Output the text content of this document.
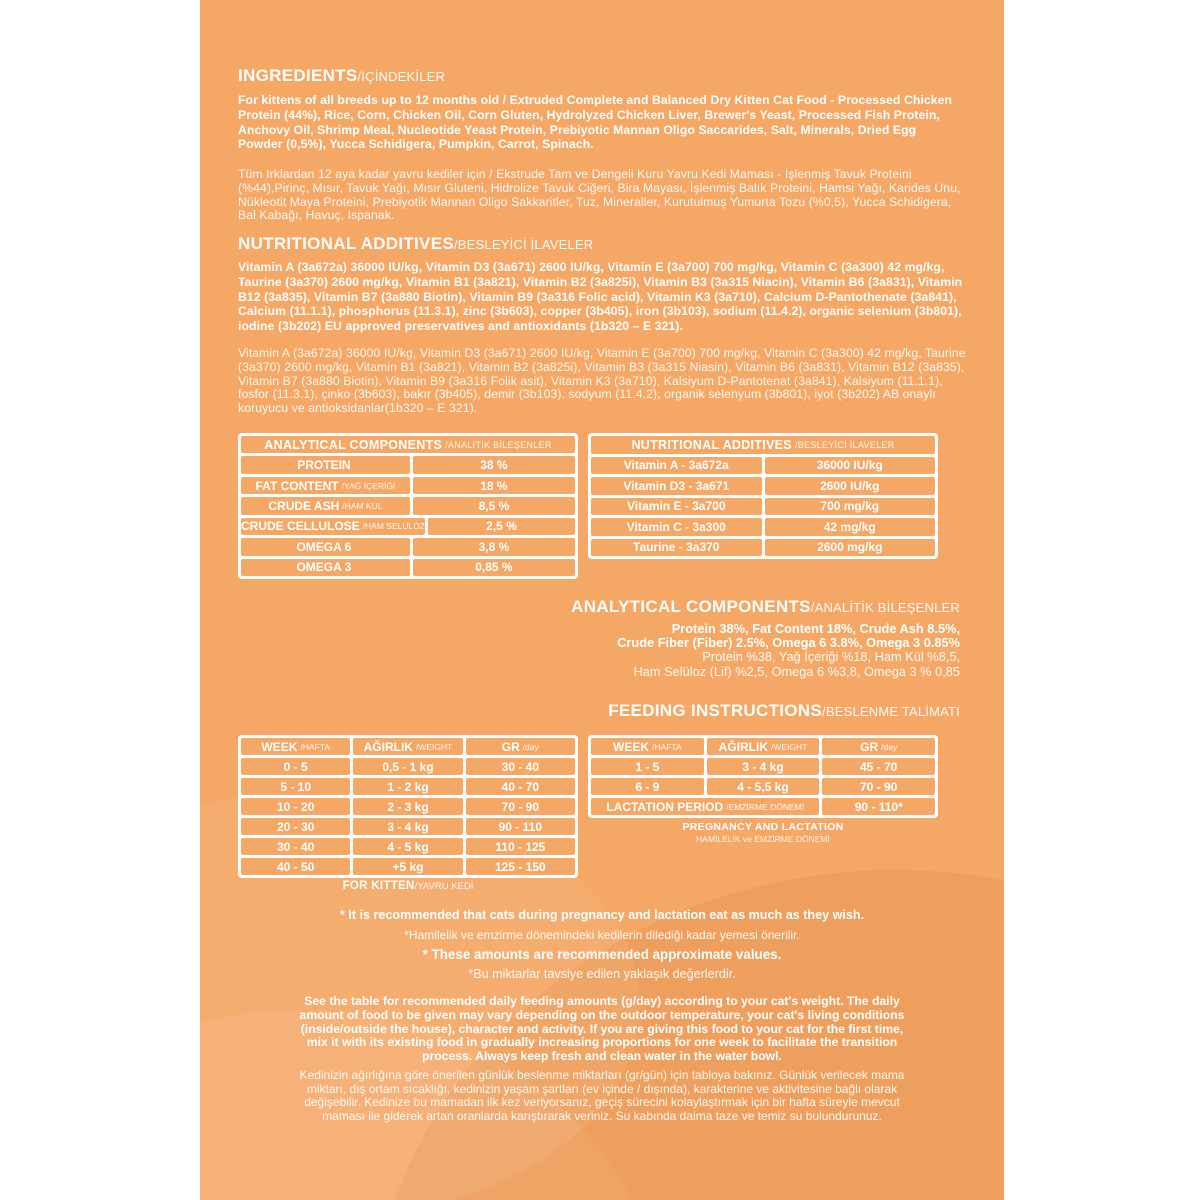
INGREDIENTS/İÇİNDEKİLER
For kittens of all breeds up to 12 months old / Extruded Complete and Balanced Dry Kitten Cat Food - Processed Chicken Protein (44%), Rice, Corn, Chicken Oil, Corn Gluten, Hydrolyzed Chicken Liver, Brewer's Yeast, Processed Fish Protein, Anchovy Oil, Shrimp Meal, Nucleotide Yeast Protein, Prebiyotic Mannan Oligo Saccarides, Salt, Minerals, Dried Egg Powder (0,5%), Yucca Schidigera, Pumpkin, Carrot, Spinach.
Tüm Irklardan 12 aya kadar yavru kediler için / Ekstrude Tam ve Dengeli Kuru Yavru Kedi Maması - İşlenmiş Tavuk Proteini (%44),Pirinç, Mısır, Tavuk Yağı, Mısır Gluteni, Hidrolize Tavuk Ciğeri, Bira Mayası, İşlenmiş Balık Proteini, Hamsi Yağı, Karides Unu, Nükleotit Maya Proteini, Prebiyotik Mannan Oligo Sakkaritler, Tuz, Mineraller, Kurutulmuş Yumurta Tozu (%0,5), Yucca Schidigera, Bal Kabağı, Havuç, Ispanak.
NUTRITIONAL ADDITIVES/BESLEYİCİ İLAVELER
Vitamin A (3a672a) 36000 IU/kg, Vitamin D3 (3a671) 2600 IU/kg, Vitamin E (3a700) 700 mg/kg, Vitamin C (3a300) 42 mg/kg, Taurine (3a370) 2600 mg/kg, Vitamin B1 (3a821), Vitamin B2 (3a825i), Vitamin B3 (3a315 Niacin), Vitamin B6 (3a831), Vitamin B12 (3a835), Vitamin B7 (3a880 Biotin), Vitamin B9 (3a316 Folic acid), Vitamin K3 (3a710), Calcium D-Pantothenate (3a841), Calcium (11.1.1), phosphorus (11.3.1), zinc (3b603), copper (3b405), iron (3b103), sodium (11.4.2), organic selenium (3b801), iodine (3b202) EU approved preservatives and antioxidants (1b320 – E 321).
Vitamin A (3a672a) 36000 IU/kg, Vitamin D3 (3a671) 2600 IU/kg, Vitamin E (3a700) 700 mg/kg, Vitamin C (3a300) 42 mg/kg, Taurine (3a370) 2600 mg/kg, Vitamin B1 (3a821), Vitamin B2 (3a825i), Vitamin B3 (3a315 Niasin), Vitamin B6 (3a831), Vitamin B12 (3a835), Vitamin B7 (3a880 Biotin), Vitamin B9 (3a316 Folik asit), Vitamin K3 (3a710), Kalsiyum D-Pantotenat (3a841), Kalsiyum (11.1.1), fosfor (11.3.1), çinko (3b603), bakır (3b405), demir (3b103), sodyum (11.4.2), organik selenyum (3b801), iyot (3b202) AB onaylı koruyucu ve antioksidanlar(1b320 – E 321).
ANALYTICAL COMPONENTS /ANALİTİK BİLEŞENLER
PROTEIN	38 %
FAT CONTENT /YAĞ İÇERİĞİ	18 %
CRUDE ASH /HAM KÜL	8,5 %
CRUDE CELLULOSE /HAM SELÜLOZ	2,5 %
OMEGA 6	3,8 %
OMEGA 3	0,85 %
NUTRITIONAL ADDITIVES /BESLEYİCİ İLAVELER
Vitamin A - 3a672a	36000 IU/kg
Vitamin D3 - 3a671	2600 IU/kg
Vitamin E - 3a700	700 mg/kg
Vitamin C - 3a300	42 mg/kg
Taurine - 3a370	2600 mg/kg
ANALYTICAL COMPONENTS/ANALİTİK BİLEŞENLER
Protein 38%, Fat Content 18%, Crude Ash 8.5%,
Crude Fiber (Fiber) 2.5%, Omega 6 3.8%, Omega 3 0.85%
Protein %38, Yağ İçeriği %18, Ham Kül %8,5,
Ham Selüloz (Lif) %2,5, Omega 6 %3,8, Omega 3 % 0,85
FEEDING INSTRUCTIONS/BESLENME TALİMATI
WEEK /HAFTA	AĞIRLIK /WEIGHT	GR /day
0 - 5	0,5 - 1 kg	30 - 40
5 - 10	1 - 2 kg	40 - 70
10 - 20	2 - 3 kg	70 - 90
20 - 30	3 - 4 kg	90 - 110
30 - 40	4 - 5 kg	110 - 125
40 - 50	+5 kg	125 - 150
FOR KITTEN/YAVRU KEDİ
WEEK /HAFTA	AĞIRLIK /WEIGHT	GR /day
1 - 5	3 - 4 kg	45 - 70
6 - 9	4 - 5,5 kg	70 - 90
LACTATION PERIOD /EMZİRME DÖNEMİ	90 - 110*
PREGNANCY AND LACTATION
HAMİLELİK ve EMZİRME DÖNEMİ
* It is recommended that cats during pregnancy and lactation eat as much as they wish.
*Hamilelik ve emzirme dönemindeki kedilerin dilediği kadar yemesi önerilir.
* These amounts are recommended approximate values.
*Bu miktarlar tavsiye edilen yaklaşık değerlerdir.
See the table for recommended daily feeding amounts (g/day) according to your cat's weight. The daily amount of food to be given may vary depending on the outdoor temperature, your cat's living conditions (inside/outside the house), character and activity. If you are giving this food to your cat for the first time, mix it with its existing food in gradually increasing proportions for one week to facilitate the transition process. Always keep fresh and clean water in the water bowl.
Kedinizin ağırlığına göre önerilen günlük beslenme miktarları (gr/gün) için tabloya bakınız. Günlük verilecek mama miktarı, dış ortam sıcaklığı, kedinizin yaşam şartları (ev içinde / dışında), karakterine ve aktivitesine bağlı olarak değişebilir. Kedinize bu mamadan ilk kez veriyorsanız, geçiş sürecini kolaylaştırmak için bir hafta süreyle mevcut maması ile giderek artan oranlarda karıştırarak veriniz. Su kabında daima taze ve temiz su bulundurunuz.
